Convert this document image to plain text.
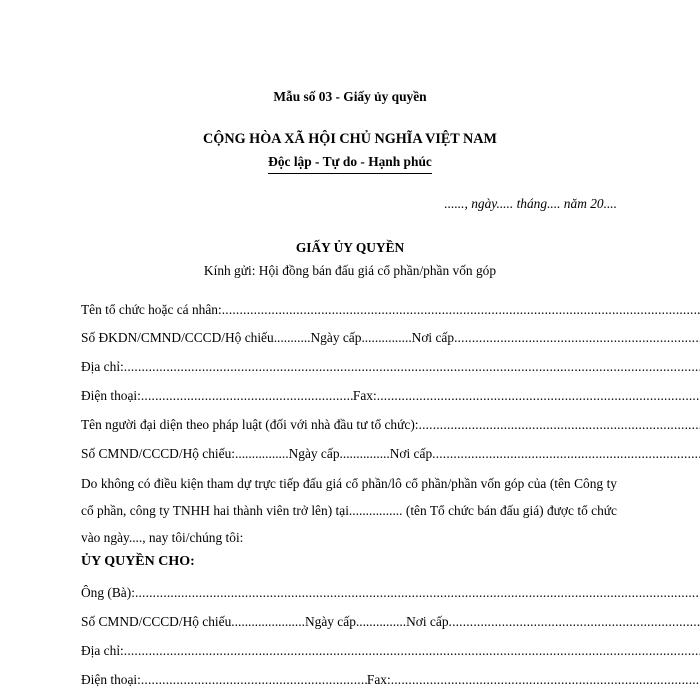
Mẫu số 03 - Giấy ủy quyền
CỘNG HÒA XÃ HỘI CHỦ NGHĨA VIỆT NAM
Độc lập - Tự do - Hạnh phúc
......, ngày..... tháng.... năm 20....
GIẤY ỦY QUYỀN
Kính gửi: Hội đồng bán đấu giá cổ phần/phần vốn góp
Tên tổ chức hoặc cá nhân:
.....
Số ĐKDN/CMND/CCCD/Hộ chiếu ........... Ngày cấp ............... Nơi cấp
.....
Địa chỉ:
.....
Điện thoại: .....	Fax:
.....
Tên người đại diện theo pháp luật (đối với nhà đầu tư tổ chức):
.....
Số CMND/CCCD/Hộ chiếu: ................ Ngày cấp ............... Nơi cấp
.....
Do không có điều kiện tham dự trực tiếp đấu giá cổ phần/lô cổ phần/phần vốn góp của (tên Công ty cổ phần, công ty TNHH hai thành viên trở lên) tại................ (tên Tổ chức bán đấu giá) được tổ chức vào ngày...., nay tôi/chúng tôi:
ỦY QUYỀN CHO:
Ông (Bà):
.....
Số CMND/CCCD/Hộ chiếu ...................... Ngày cấp ............... Nơi cấp
.....
Địa chỉ:
.....
Điện thoại: .....	Fax:
.....
